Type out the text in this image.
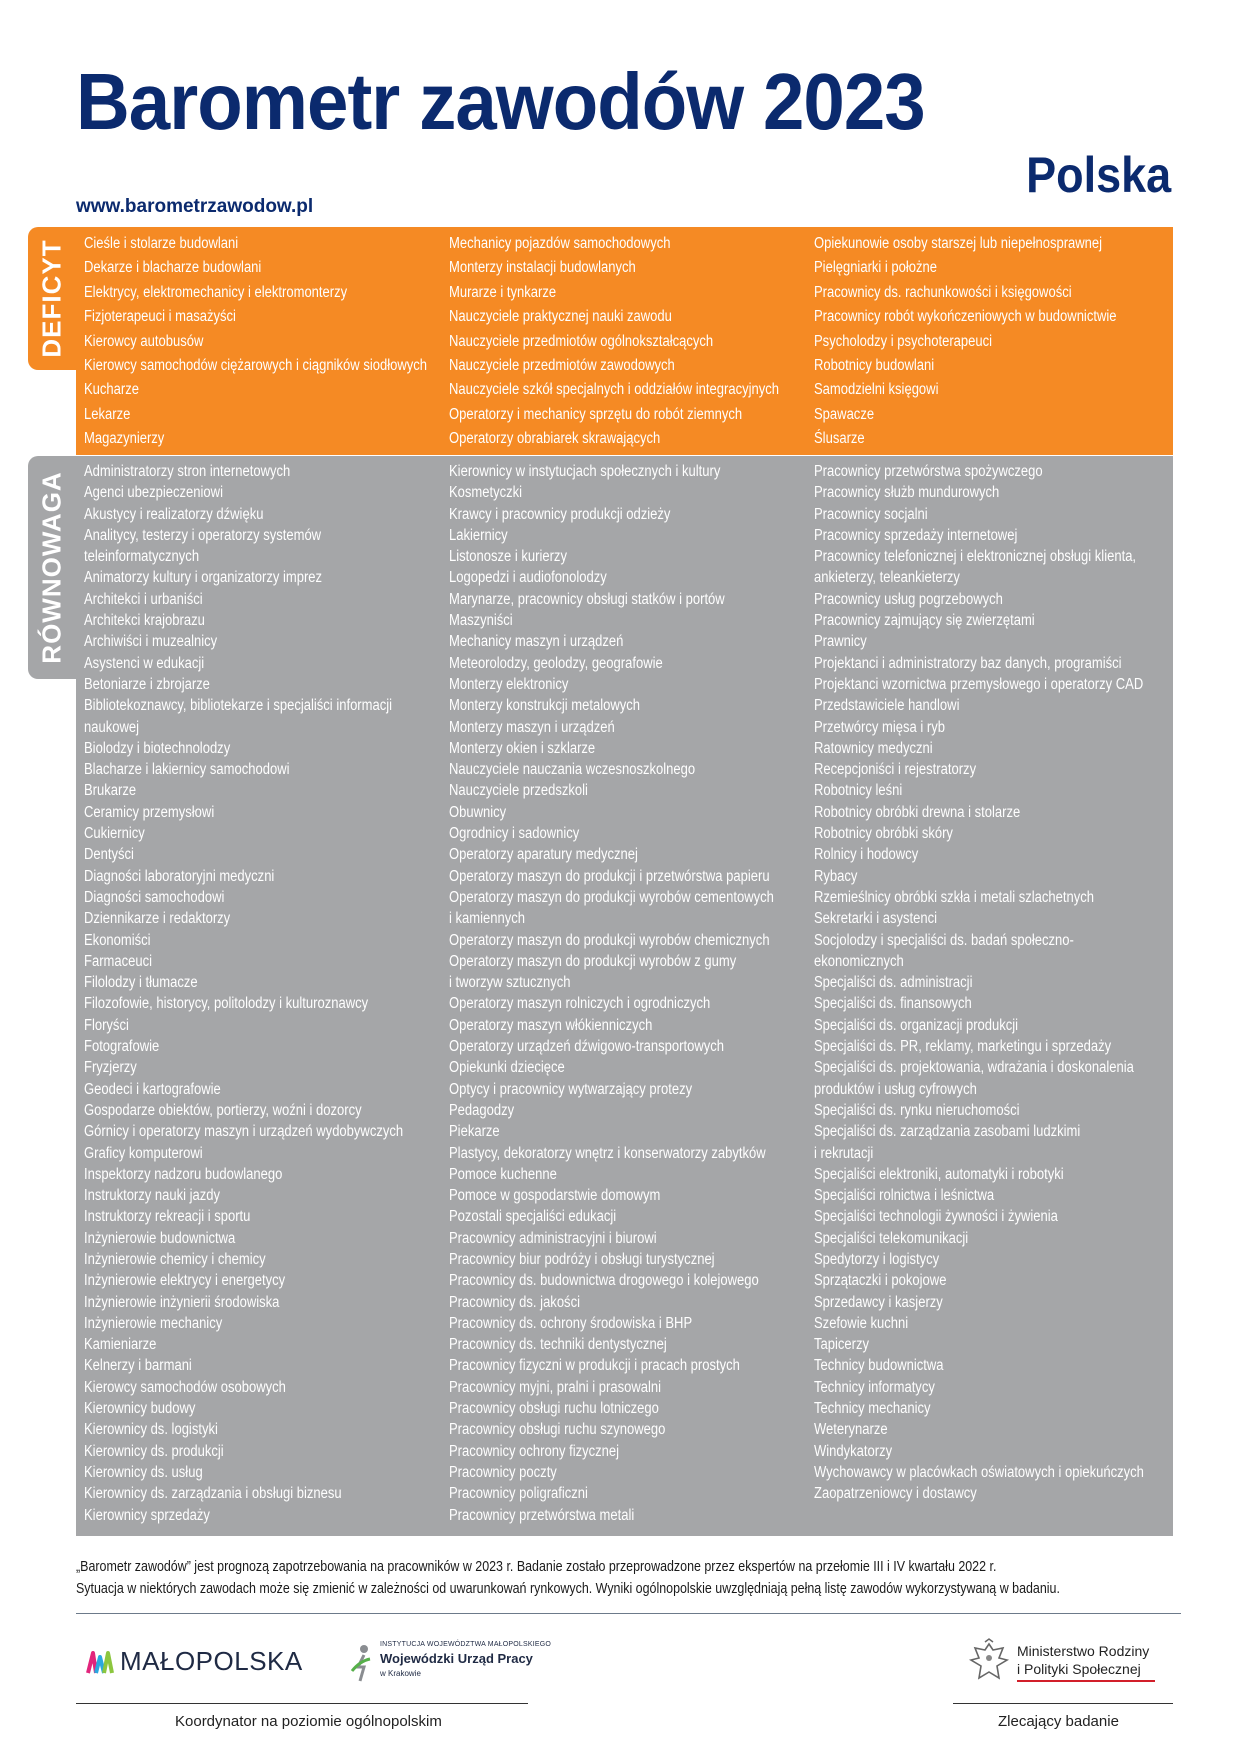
Barometr zawodów 2023
Polska
www.barometrzawodow.pl
DEFICYT Cieśle i stolarze budowlani
Dekarze i blacharze budowlani
Elektrycy, elektromechanicy i elektromonterzy
Fizjoterapeuci i masażyści
Kierowcy autobusów
Kierowcy samochodów ciężarowych i ciągników siodłowych
Kucharze
Lekarze
Magazynierzy
Mechanicy pojazdów samochodowych
Monterzy instalacji budowlanych
Murarze i tynkarze
Nauczyciele praktycznej nauki zawodu
Nauczyciele przedmiotów ogólnokształcących
Nauczyciele przedmiotów zawodowych
Nauczyciele szkół specjalnych i oddziałów integracyjnych
Operatorzy i mechanicy sprzętu do robót ziemnych
Operatorzy obrabiarek skrawających
Opiekunowie osoby starszej lub niepełnosprawnej
Pielęgniarki i położne
Pracownicy ds. rachunkowości i księgowości
Pracownicy robót wykończeniowych w budownictwie
Psycholodzy i psychoterapeuci
Robotnicy budowlani
Samodzielni księgowi
Spawacze
Ślusarze
RÓWNOWAGA Administratorzy stron internetowych
Agenci ubezpieczeniowi
Akustycy i realizatorzy dźwięku
Analitycy, testerzy i operatorzy systemów
teleinformatycznych
Animatorzy kultury i organizatorzy imprez
Architekci i urbaniści
Architekci krajobrazu
Archiwiści i muzealnicy
Asystenci w edukacji
Betoniarze i zbrojarze
Bibliotekoznawcy, bibliotekarze i specjaliści informacji
naukowej
Biolodzy i biotechnolodzy
Blacharze i lakiernicy samochodowi
Brukarze
Ceramicy przemysłowi
Cukiernicy
Dentyści
Diagności laboratoryjni medyczni
Diagności samochodowi
Dziennikarze i redaktorzy
Ekonomiści
Farmaceuci
Filolodzy i tłumacze
Filozofowie, historycy, politolodzy i kulturoznawcy
Floryści
Fotografowie
Fryzjerzy
Geodeci i kartografowie
Gospodarze obiektów, portierzy, woźni i dozorcy
Górnicy i operatorzy maszyn i urządzeń wydobywczych
Graficy komputerowi
Inspektorzy nadzoru budowlanego
Instruktorzy nauki jazdy
Instruktorzy rekreacji i sportu
Inżynierowie budownictwa
Inżynierowie chemicy i chemicy
Inżynierowie elektrycy i energetycy
Inżynierowie inżynierii środowiska
Inżynierowie mechanicy
Kamieniarze
Kelnerzy i barmani
Kierowcy samochodów osobowych
Kierownicy budowy
Kierownicy ds. logistyki
Kierownicy ds. produkcji
Kierownicy ds. usług
Kierownicy ds. zarządzania i obsługi biznesu
Kierownicy sprzedaży
Kierownicy w instytucjach społecznych i kultury
Kosmetyczki
Krawcy i pracownicy produkcji odzieży
Lakiernicy
Listonosze i kurierzy
Logopedzi i audiofonolodzy
Marynarze, pracownicy obsługi statków i portów
Maszyniści
Mechanicy maszyn i urządzeń
Meteorolodzy, geolodzy, geografowie
Monterzy elektronicy
Monterzy konstrukcji metalowych
Monterzy maszyn i urządzeń
Monterzy okien i szklarze
Nauczyciele nauczania wczesnoszkolnego
Nauczyciele przedszkoli
Obuwnicy
Ogrodnicy i sadownicy
Operatorzy aparatury medycznej
Operatorzy maszyn do produkcji i przetwórstwa papieru
Operatorzy maszyn do produkcji wyrobów cementowych
i kamiennych
Operatorzy maszyn do produkcji wyrobów chemicznych
Operatorzy maszyn do produkcji wyrobów z gumy
i tworzyw sztucznych
Operatorzy maszyn rolniczych i ogrodniczych
Operatorzy maszyn włókienniczych
Operatorzy urządzeń dźwigowo-transportowych
Opiekunki dziecięce
Optycy i pracownicy wytwarzający protezy
Pedagodzy
Piekarze
Plastycy, dekoratorzy wnętrz i konserwatorzy zabytków
Pomoce kuchenne
Pomoce w gospodarstwie domowym
Pozostali specjaliści edukacji
Pracownicy administracyjni i biurowi
Pracownicy biur podróży i obsługi turystycznej
Pracownicy ds. budownictwa drogowego i kolejowego
Pracownicy ds. jakości
Pracownicy ds. ochrony środowiska i BHP
Pracownicy ds. techniki dentystycznej
Pracownicy fizyczni w produkcji i pracach prostych
Pracownicy myjni, pralni i prasowalni
Pracownicy obsługi ruchu lotniczego
Pracownicy obsługi ruchu szynowego
Pracownicy ochrony fizycznej
Pracownicy poczty
Pracownicy poligraficzni
Pracownicy przetwórstwa metali
Pracownicy przetwórstwa spożywczego
Pracownicy służb mundurowych
Pracownicy socjalni
Pracownicy sprzedaży internetowej
Pracownicy telefonicznej i elektronicznej obsługi klienta,
ankieterzy, teleankieterzy
Pracownicy usług pogrzebowych
Pracownicy zajmujący się zwierzętami
Prawnicy
Projektanci i administratorzy baz danych, programiści
Projektanci wzornictwa przemysłowego i operatorzy CAD
Przedstawiciele handlowi
Przetwórcy mięsa i ryb
Ratownicy medyczni
Recepcjoniści i rejestratorzy
Robotnicy leśni
Robotnicy obróbki drewna i stolarze
Robotnicy obróbki skóry
Rolnicy i hodowcy
Rybacy
Rzemieślnicy obróbki szkła i metali szlachetnych
Sekretarki i asystenci
Socjolodzy i specjaliści ds. badań społeczno-
ekonomicznych
Specjaliści ds. administracji
Specjaliści ds. finansowych
Specjaliści ds. organizacji produkcji
Specjaliści ds. PR, reklamy, marketingu i sprzedaży
Specjaliści ds. projektowania, wdrażania i doskonalenia
produktów i usług cyfrowych
Specjaliści ds. rynku nieruchomości
Specjaliści ds. zarządzania zasobami ludzkimi
i rekrutacji
Specjaliści elektroniki, automatyki i robotyki
Specjaliści rolnictwa i leśnictwa
Specjaliści technologii żywności i żywienia
Specjaliści telekomunikacji
Spedytorzy i logistycy
Sprzątaczki i pokojowe
Sprzedawcy i kasjerzy
Szefowie kuchni
Tapicerzy
Technicy budownictwa
Technicy informatycy
Technicy mechanicy
Weterynarze
Windykatorzy
Wychowawcy w placówkach oświatowych i opiekuńczych
Zaopatrzeniowcy i dostawcy

„Barometr zawodów” jest prognozą zapotrzebowania na pracowników w 2023 r. Badanie zostało przeprowadzone przez ekspertów na przełomie III i IV kwartału 2022 r.

Sytuacja w niektórych zawodach może się zmienić w zależności od uwarunkowań rynkowych. Wyniki ogólnopolskie uwzględniają pełną listę zawodów wykorzystywaną w badaniu.

MAŁOPOLSKA
INSTYTUCJA WOJEWÓDZTWA MAŁOPOLSKIEGO
Wojewódzki Urząd Pracy
w Krakowie
Ministerstwo Rodziny
i Polityki Społecznej
Koordynator na poziomie ogólnopolskim	Zlecający badanie
